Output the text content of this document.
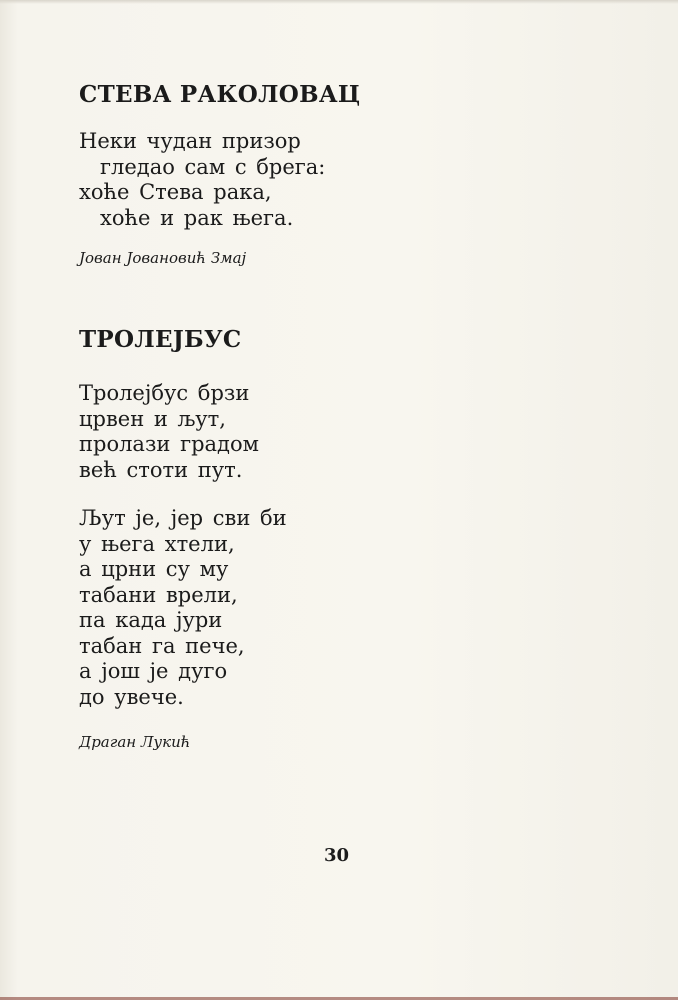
СТЕВА РАКОЛОВАЦ
Неки чудан призор
гледао сам с брега:
хоће Стева рака,
хоће и рак њега.
Јован Јовановић Змај
ТРОЛЕЈБУС
Тролејбус брзи
црвен и љут,
пролази градом
већ стоти пут.
Љут је, јер сви би
у њега хтели,
а црни су му
табани врели,
па када јури
табан га пече,
а још је дуго
до увече.
Драган Лукић
30
